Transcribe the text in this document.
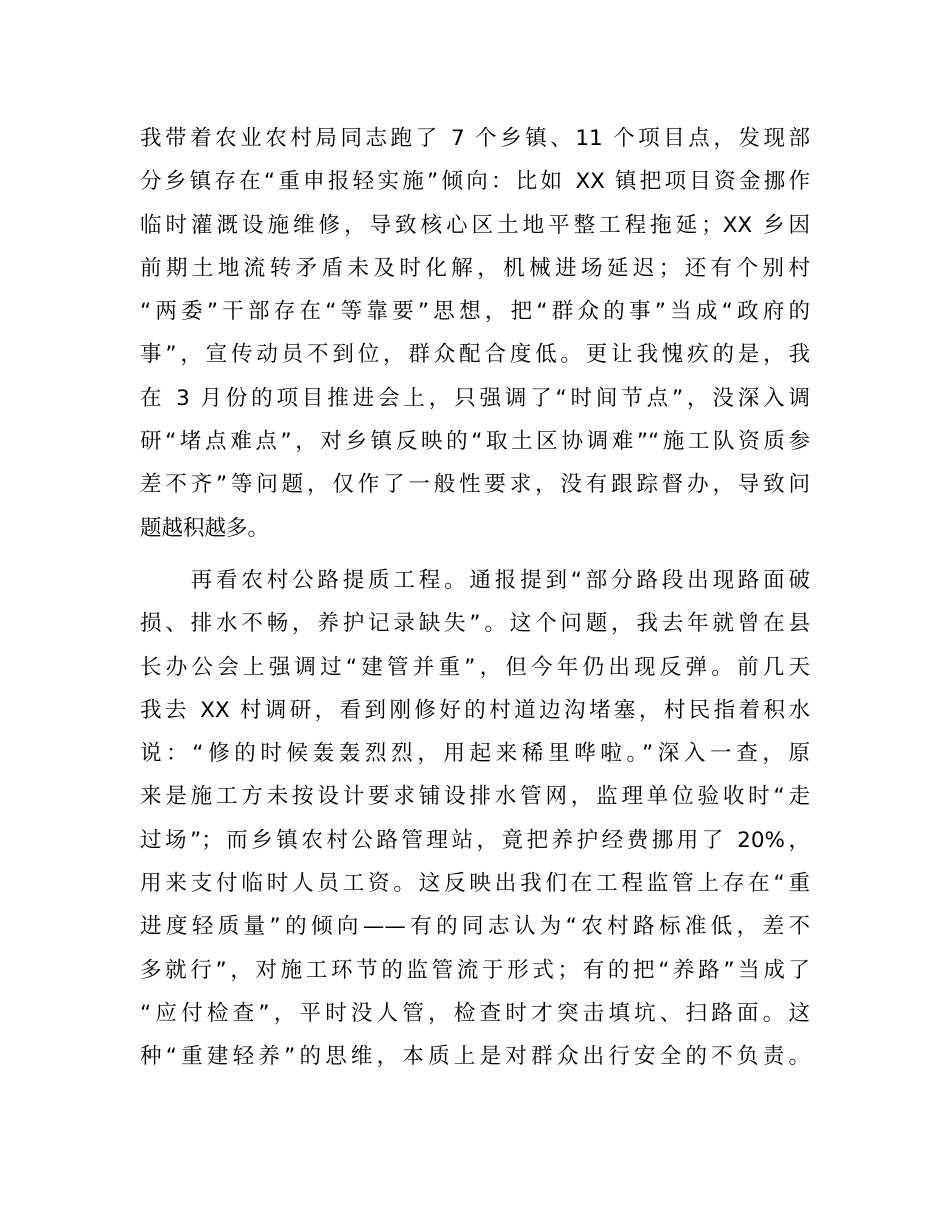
我带着农业农村局同志跑了 7 个乡镇、11 个项目点，发现部
分乡镇存在“重申报轻实施”倾向：比如 XX 镇把项目资金挪作
临时灌溉设施维修，导致核心区土地平整工程拖延；XX 乡因
前期土地流转矛盾未及时化解，机械进场延迟；还有个别村
“两委”干部存在“等靠要”思想，把“群众的事”当成“政府的
事”，宣传动员不到位，群众配合度低。更让我愧疚的是，我
在 3 月份的项目推进会上，只强调了“时间节点”，没深入调
研“堵点难点”，对乡镇反映的“取土区协调难”“施工队资质参
差不齐”等问题，仅作了一般性要求，没有跟踪督办，导致问
题越积越多。
　　再看农村公路提质工程。通报提到“部分路段出现路面破
损、排水不畅，养护记录缺失”。这个问题，我去年就曾在县
长办公会上强调过“建管并重”，但今年仍出现反弹。前几天
我去 XX 村调研，看到刚修好的村道边沟堵塞，村民指着积水
说：“修的时候轰轰烈烈，用起来稀里哗啦。”深入一查，原
来是施工方未按设计要求铺设排水管网，监理单位验收时“走
过场”；而乡镇农村公路管理站，竟把养护经费挪用了 20%，
用来支付临时人员工资。这反映出我们在工程监管上存在“重
进度轻质量”的倾向——有的同志认为“农村路标准低，差不
多就行”，对施工环节的监管流于形式；有的把“养路”当成了
“应付检查”，平时没人管，检查时才突击填坑、扫路面。这
种“重建轻养”的思维，本质上是对群众出行安全的不负责。
